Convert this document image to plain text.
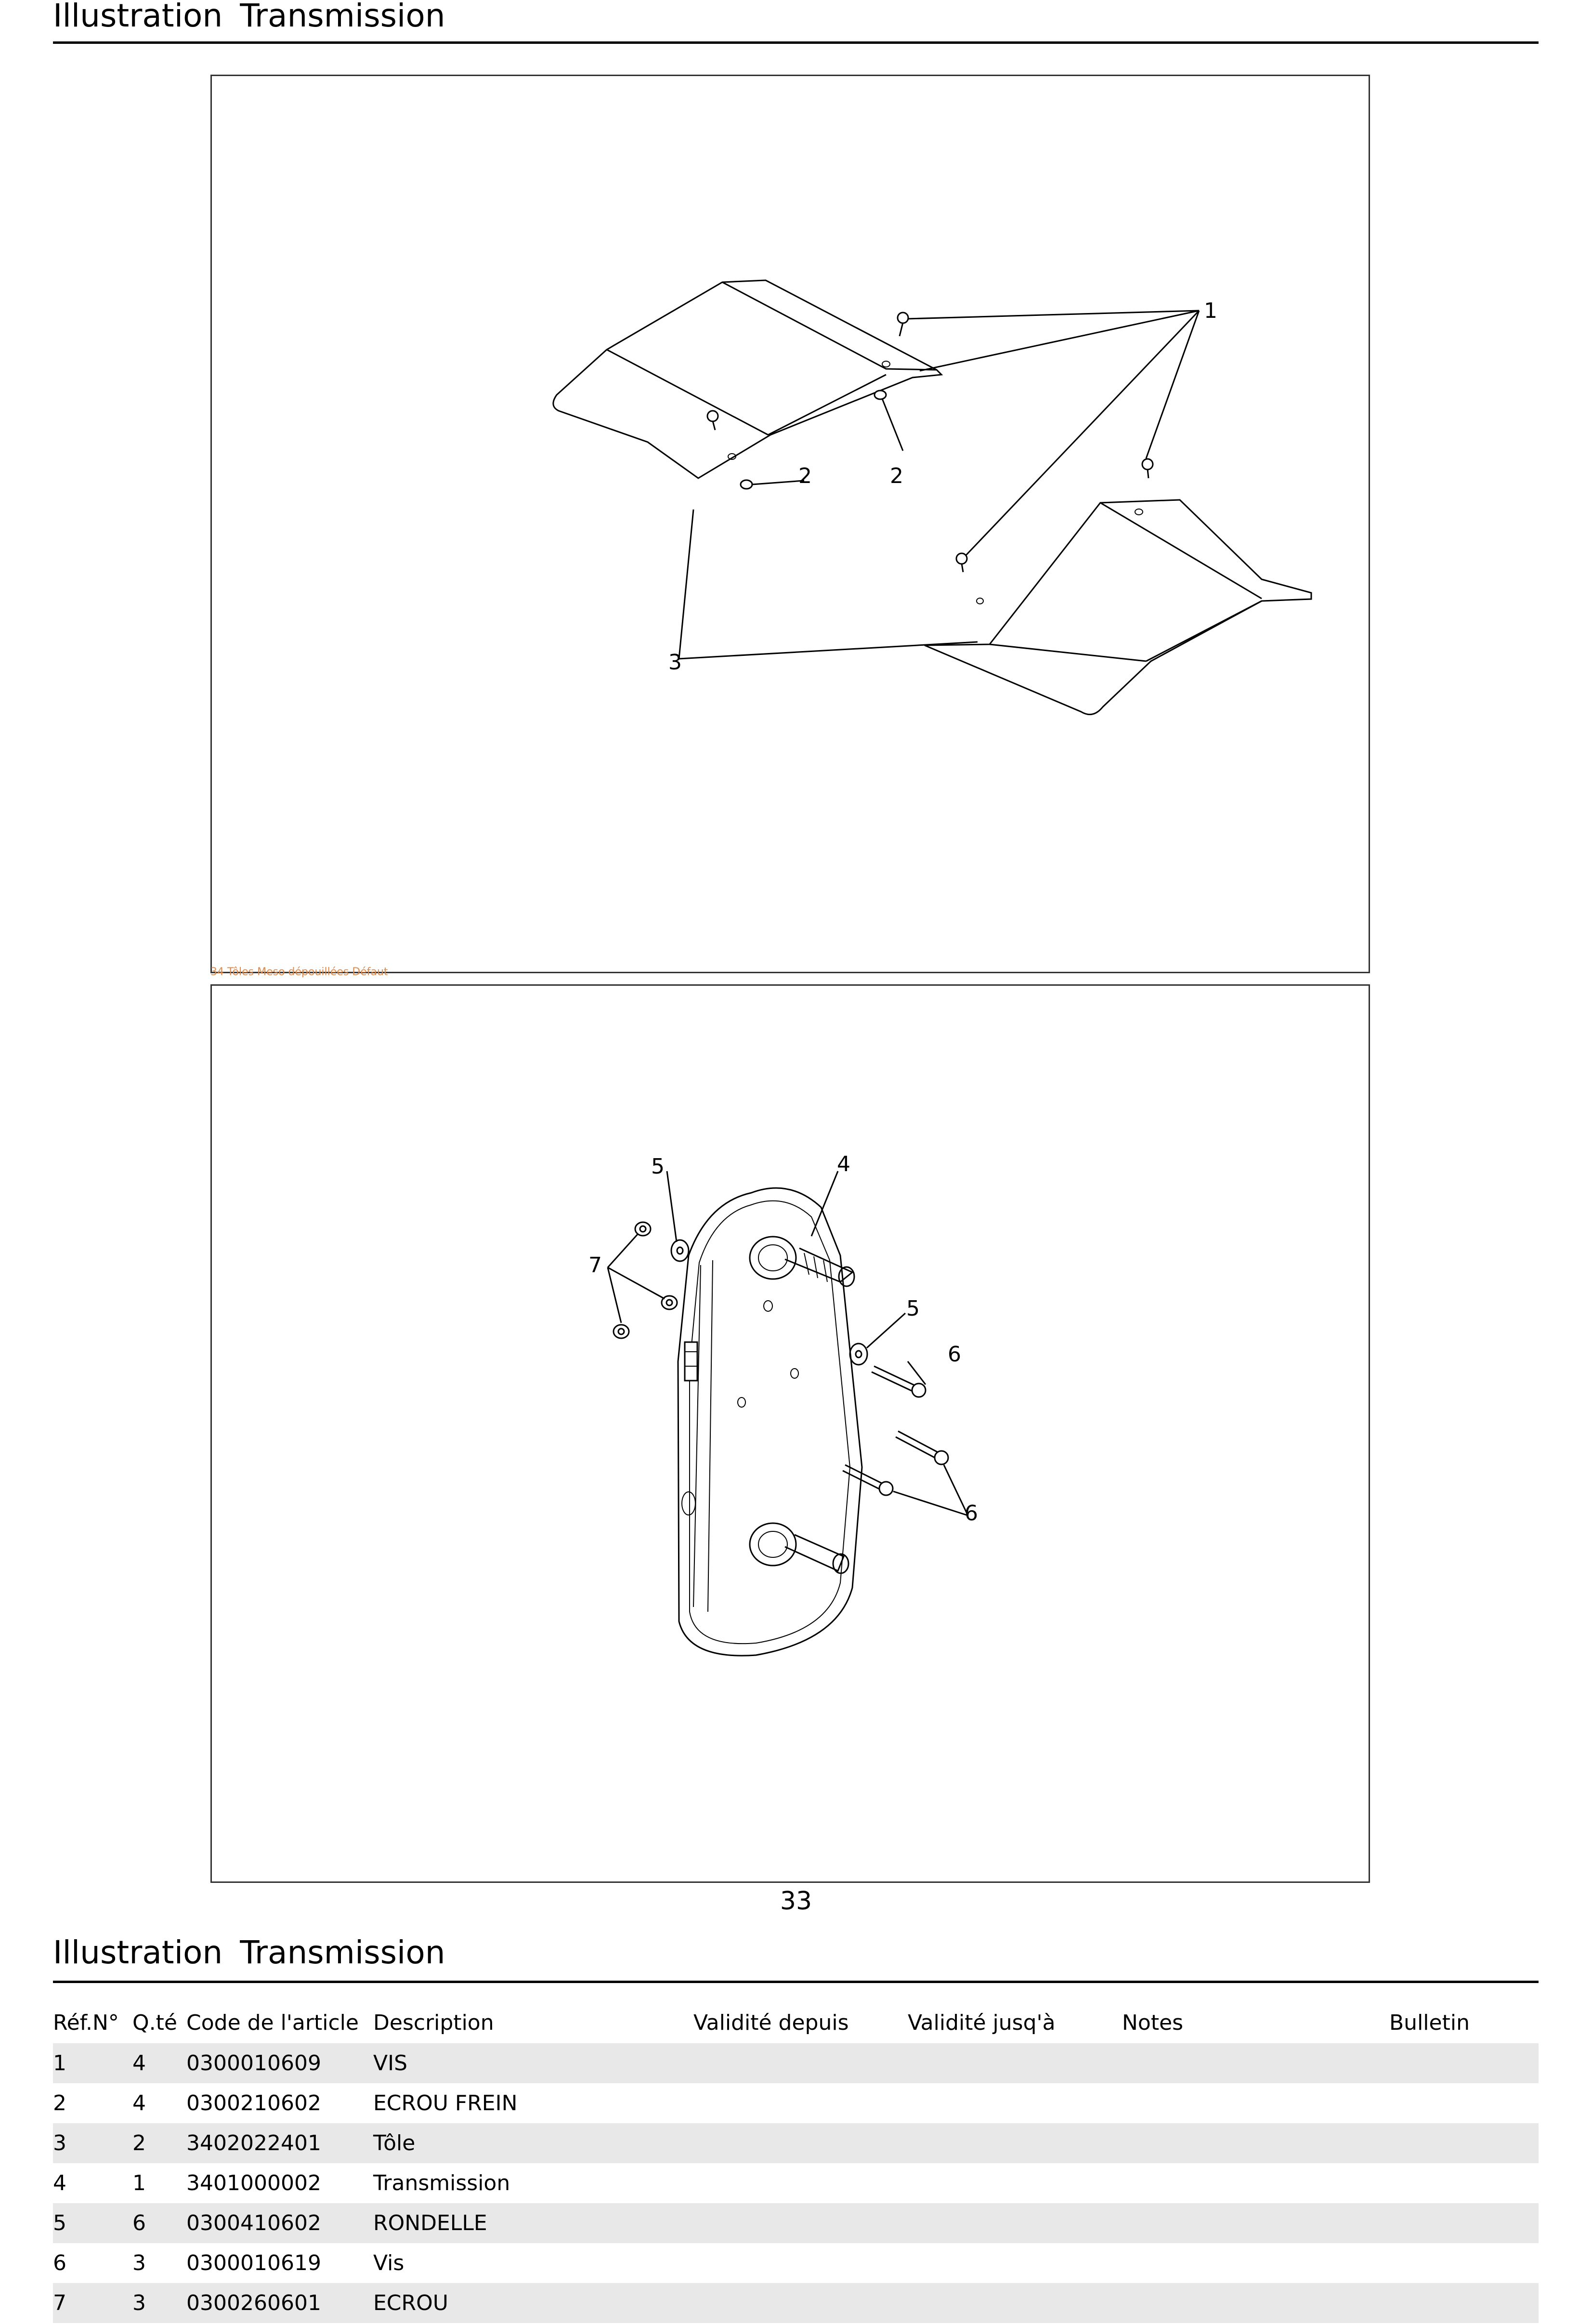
Illustration Transmission
1
2	2
3
34 Tôles Meso dépouillées Défaut
5	4
7
5
6
6
33
Illustration Transmission
Réf.N° Q.té Code de l'article Description	Validité depuis	Validité jusq'à	Notes	Bulletin
1	4 0300010609 VIS
2	4 0300210602 ECROU FREIN
3	2 3402022401 Tôle
4	1 3401000002 Transmission
5	6 0300410602 RONDELLE
6	3 0300010619 Vis
7	3 0300260601 ECROU
